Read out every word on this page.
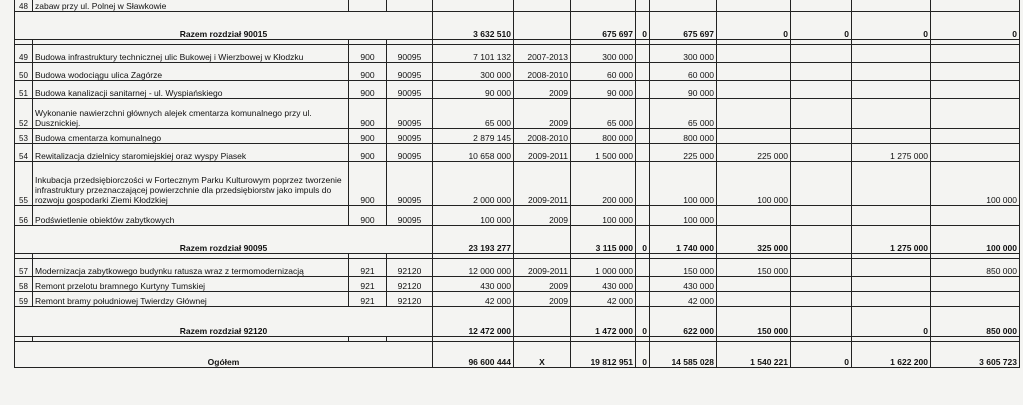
48	zabaw przy ul. Polnej w Sławkowie											
Razem rozdział 90015				3 632 510		675 697	0	675 697	0	0	0	0

49	Budowa infrastruktury technicznej ulic Bukowej i Wierzbowej w Kłodzku	900	90095	7 101 132	2007-2013	300 000		300 000				
50	Budowa wodociągu ulica Zagórze	900	90095	300 000	2008-2010	60 000		60 000				
51	Budowa kanalizacji sanitarnej - ul. Wyspiańskiego	900	90095	90 000	2009	90 000		90 000				
52	Wykonanie nawierzchni głównych alejek cmentarza komunalnego przy ul. Dusznickiej.	900	90095	65 000	2009	65 000		65 000				
53	Budowa cmentarza komunalnego	900	90095	2 879 145	2008-2010	800 000		800 000				
54	Rewitalizacja dzielnicy staromiejskiej oraz wyspy Piasek	900	90095	10 658 000	2009-2011	1 500 000		225 000	225 000		1 275 000	
55	Inkubacja przedsiębiorczości w Fortecznym Parku Kulturowym poprzez tworzenie infrastruktury przeznaczającej powierzchnie dla przedsiębiorstw jako impuls do rozwoju gospodarki Ziemi Kłodzkiej	900	90095	2 000 000	2009-2011	200 000		100 000	100 000			100 000
56	Podświetlenie obiektów zabytkowych	900	90095	100 000	2009	100 000		100 000				
Razem rozdział 90095				23 193 277		3 115 000	0	1 740 000	325 000		1 275 000	100 000

57	Modernizacja zabytkowego budynku ratusza wraz z termomodernizacją	921	92120	12 000 000	2009-2011	1 000 000		150 000	150 000			850 000
58	Remont przelotu bramnego Kurtyny Tumskiej	921	92120	430 000	2009	430 000		430 000				
59	Remont bramy południowej Twierdzy Głównej	921	92120	42 000	2009	42 000		42 000				
Razem rozdział 92120				12 472 000		1 472 000	0	622 000	150 000		0	850 000

Ogółem				96 600 444	X	19 812 951	0	14 585 028	1 540 221	0	1 622 200	3 605 723
